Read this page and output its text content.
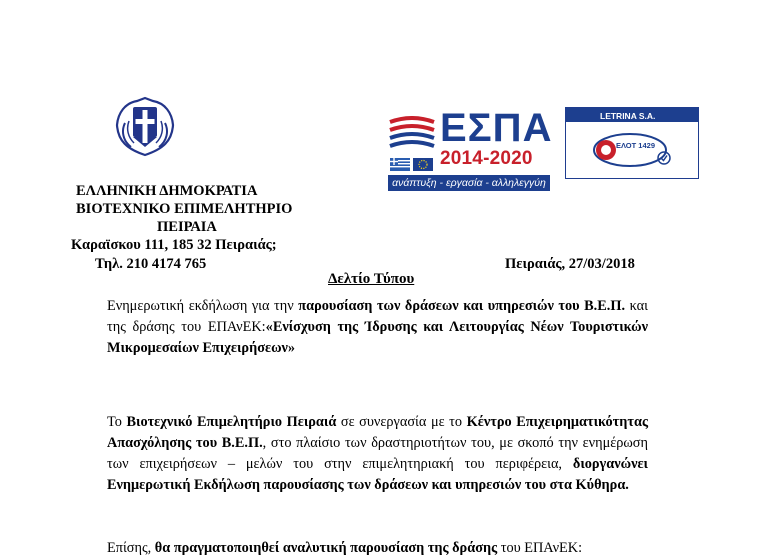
ΕΛΛΗΝΙΚΗ ΔΗΜΟΚΡΑΤΙΑ
ΒΙΟΤΕΧΝΙΚΟ ΕΠΙΜΕΛΗΤΗΡΙΟ
ΠΕΙΡΑΙΑ
Καραϊσκου 111, 185 32 Πειραιάς;
Τηλ. 210 4174 765	Πειραιάς, 27/03/2018
ΕΣΠΑ
2014-2020
ανάπτυξη - εργασία - αλληλεγγύη
LETRINA S.A.
ΕΛΟΤ 1429
Δελτίο Τύπου

Ενημερωτική εκδήλωση για την παρουσίαση των δράσεων και υπηρεσιών του Β.Ε.Π. και της δράσης του ΕΠΑνΕΚ:«Ενίσχυση της Ίδρυσης και Λειτουργίας Νέων Τουριστικών Μικρομεσαίων Επιχειρήσεων»

Το Βιοτεχνικό Επιμελητήριο Πειραιά σε συνεργασία με το Κέντρο Επιχειρηματικότητας Απασχόλησης του Β.Ε.Π., στο πλαίσιο των δραστηριοτήτων του, με σκοπό την ενημέρωση των επιχειρήσεων – μελών του στην επιμελητηριακή του περιφέρεια, διοργανώνει Ενημερωτική Εκδήλωση παρουσίασης των δράσεων και υπηρεσιών του στα Κύθηρα.

Επίσης, θα πραγματοποιηθεί αναλυτική παρουσίαση της δράσης του ΕΠΑνΕΚ:
